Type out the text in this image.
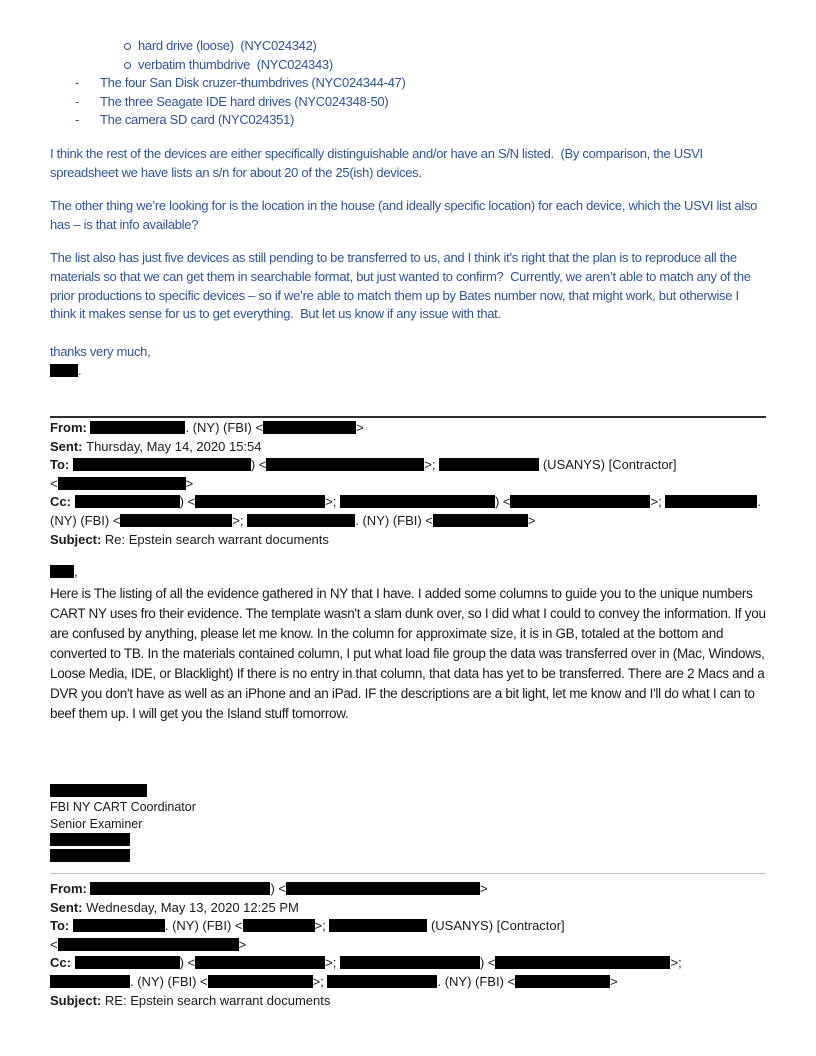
hard drive (loose)  (NYC024342)
verbatim thumbdrive  (NYC024343)
- The four San Disk cruzer-thumbdrives (NYC024344-47)
- The three Seagate IDE hard drives (NYC024348-50)
- The camera SD card (NYC024351)
I think the rest of the devices are either specifically distinguishable and/or have an S/N listed.  (By comparison, the USVI spreadsheet we have lists an s/n for about 20 of the 25(ish) devices.
The other thing we’re looking for is the location in the house (and ideally specific location) for each device, which the USVI list also has – is that info available?
The list also has just five devices as still pending to be transferred to us, and I think it’s right that the plan is to reproduce all the materials so that we can get them in searchable format, but just wanted to confirm?  Currently, we aren’t able to match any of the prior productions to specific devices – so if we’re able to match them up by Bates number now, that might work, but otherwise I think it makes sense for us to get everything.  But let us know if any issue with that.
thanks very much,
.
From:	. (NY) (FBI) <	>
Sent: Thursday, May 14, 2020 15:54
To:	) <	>;	(USANYS) [Contractor]
<	>
Cc:	) <	>;	) <	>;	.
(NY) (FBI) <	>;	. (NY) (FBI) <	>
Subject: Re: Epstein search warrant documents
,
Here is The listing of all the evidence gathered in NY that I have. I added some columns to guide you to the unique numbers CART NY uses fro their evidence. The template wasn't a slam dunk over, so I did what I could to convey the information. If you are confused by anything, please let me know. In the column for approximate size, it is in GB, totaled at the bottom and converted to TB. In the materials contained column, I put what load file group the data was transferred over in (Mac, Windows, Loose Media, IDE, or Blacklight) If there is no entry in that column, that data has yet to be transferred. There are 2 Macs and a DVR you don't have as well as an iPhone and an iPad. IF the descriptions are a bit light, let me know and I'll do what I can to beef them up. I will get you the Island stuff tomorrow.
FBI NY CART Coordinator
Senior Examiner
From:	) <	>
Sent: Wednesday, May 13, 2020 12:25 PM
To:	. (NY) (FBI) <	>;	(USANYS) [Contractor]
<	>
Cc:	) <	>;	) <	>;
. (NY) (FBI) <	>;	. (NY) (FBI) <	>
Subject: RE: Epstein search warrant documents
